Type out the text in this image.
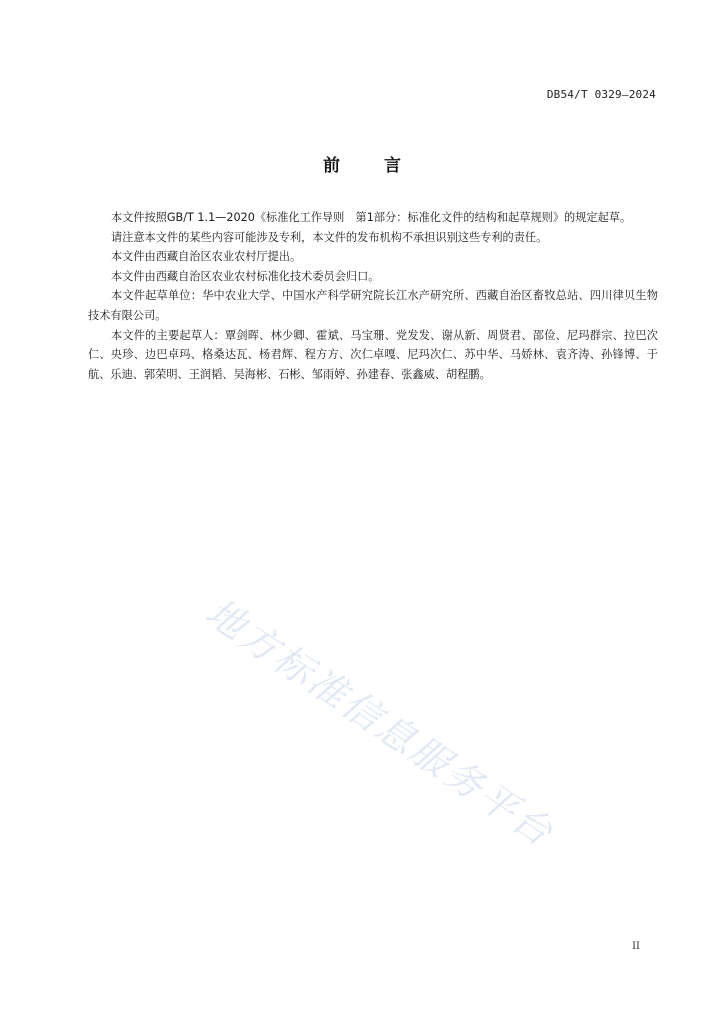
DB54/T 0329—2024
前	言

本文件按照GB/T 1.1—2020《标准化工作导则　第1部分：标准化文件的结构和起草规则》的规定起草。

请注意本文件的某些内容可能涉及专利，本文件的发布机构不承担识别这些专利的责任。

本文件由西藏自治区农业农村厅提出。

本文件由西藏自治区农业农村标准化技术委员会归口。

本文件起草单位：华中农业大学、中国水产科学研究院长江水产研究所、西藏自治区畜牧总站、四川律贝生物技术有限公司。

本文件的主要起草人：覃剑晖、林少卿、霍斌、马宝珊、党发发、谢从新、周贤君、邵俭、尼玛群宗、拉巴次仁、央珍、边巴卓玛、格桑达瓦、杨君辉、程方方、次仁卓嘎、尼玛次仁、苏中华、马娇林、袁齐涛、孙锋博、于航、乐迪、郭荣明、王润韬、吴海彬、石彬、邹雨婷、孙建春、张鑫威、胡程鹏。

地方标准信息服务平台
II
